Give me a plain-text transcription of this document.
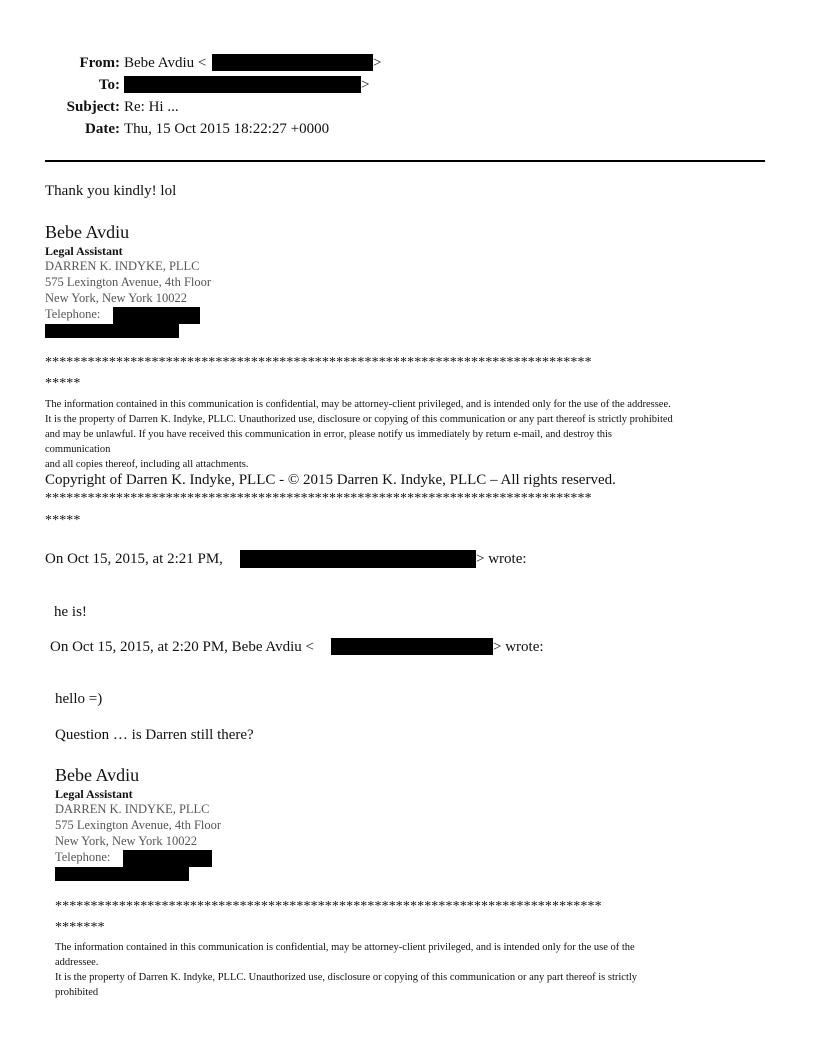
From: Bebe Avdiu <	>
To:	>
Subject: Re: Hi ...
Date: Thu, 15 Oct 2015 18:22:27 +0000
Thank you kindly! lol
Bebe Avdiu
Legal Assistant
DARREN K. INDYKE, PLLC
575 Lexington Avenue, 4th Floor
New York, New York 10022
Telephone:
*****************************************************************************
*****
The information contained in this communication is confidential, may be attorney-client privileged, and is intended only for the use of the addressee.
It is the property of Darren K. Indyke, PLLC. Unauthorized use, disclosure or copying of this communication or any part thereof is strictly prohibited
and may be unlawful. If you have received this communication in error, please notify us immediately by return e-mail, and destroy this
communication
and all copies thereof, including all attachments.
Copyright of Darren K. Indyke, PLLC - © 2015 Darren K. Indyke, PLLC – All rights reserved.
*****************************************************************************
*****
On Oct 15, 2015, at 2:21 PM,	> wrote:
he is!
On Oct 15, 2015, at 2:20 PM, Bebe Avdiu <	> wrote:
hello =)
Question … is Darren still there?
Bebe Avdiu
Legal Assistant
DARREN K. INDYKE, PLLC
575 Lexington Avenue, 4th Floor
New York, New York 10022
Telephone:
*****************************************************************************
*******
The information contained in this communication is confidential, may be attorney-client privileged, and is intended only for the use of the
addressee.
It is the property of Darren K. Indyke, PLLC. Unauthorized use, disclosure or copying of this communication or any part thereof is strictly
prohibited
